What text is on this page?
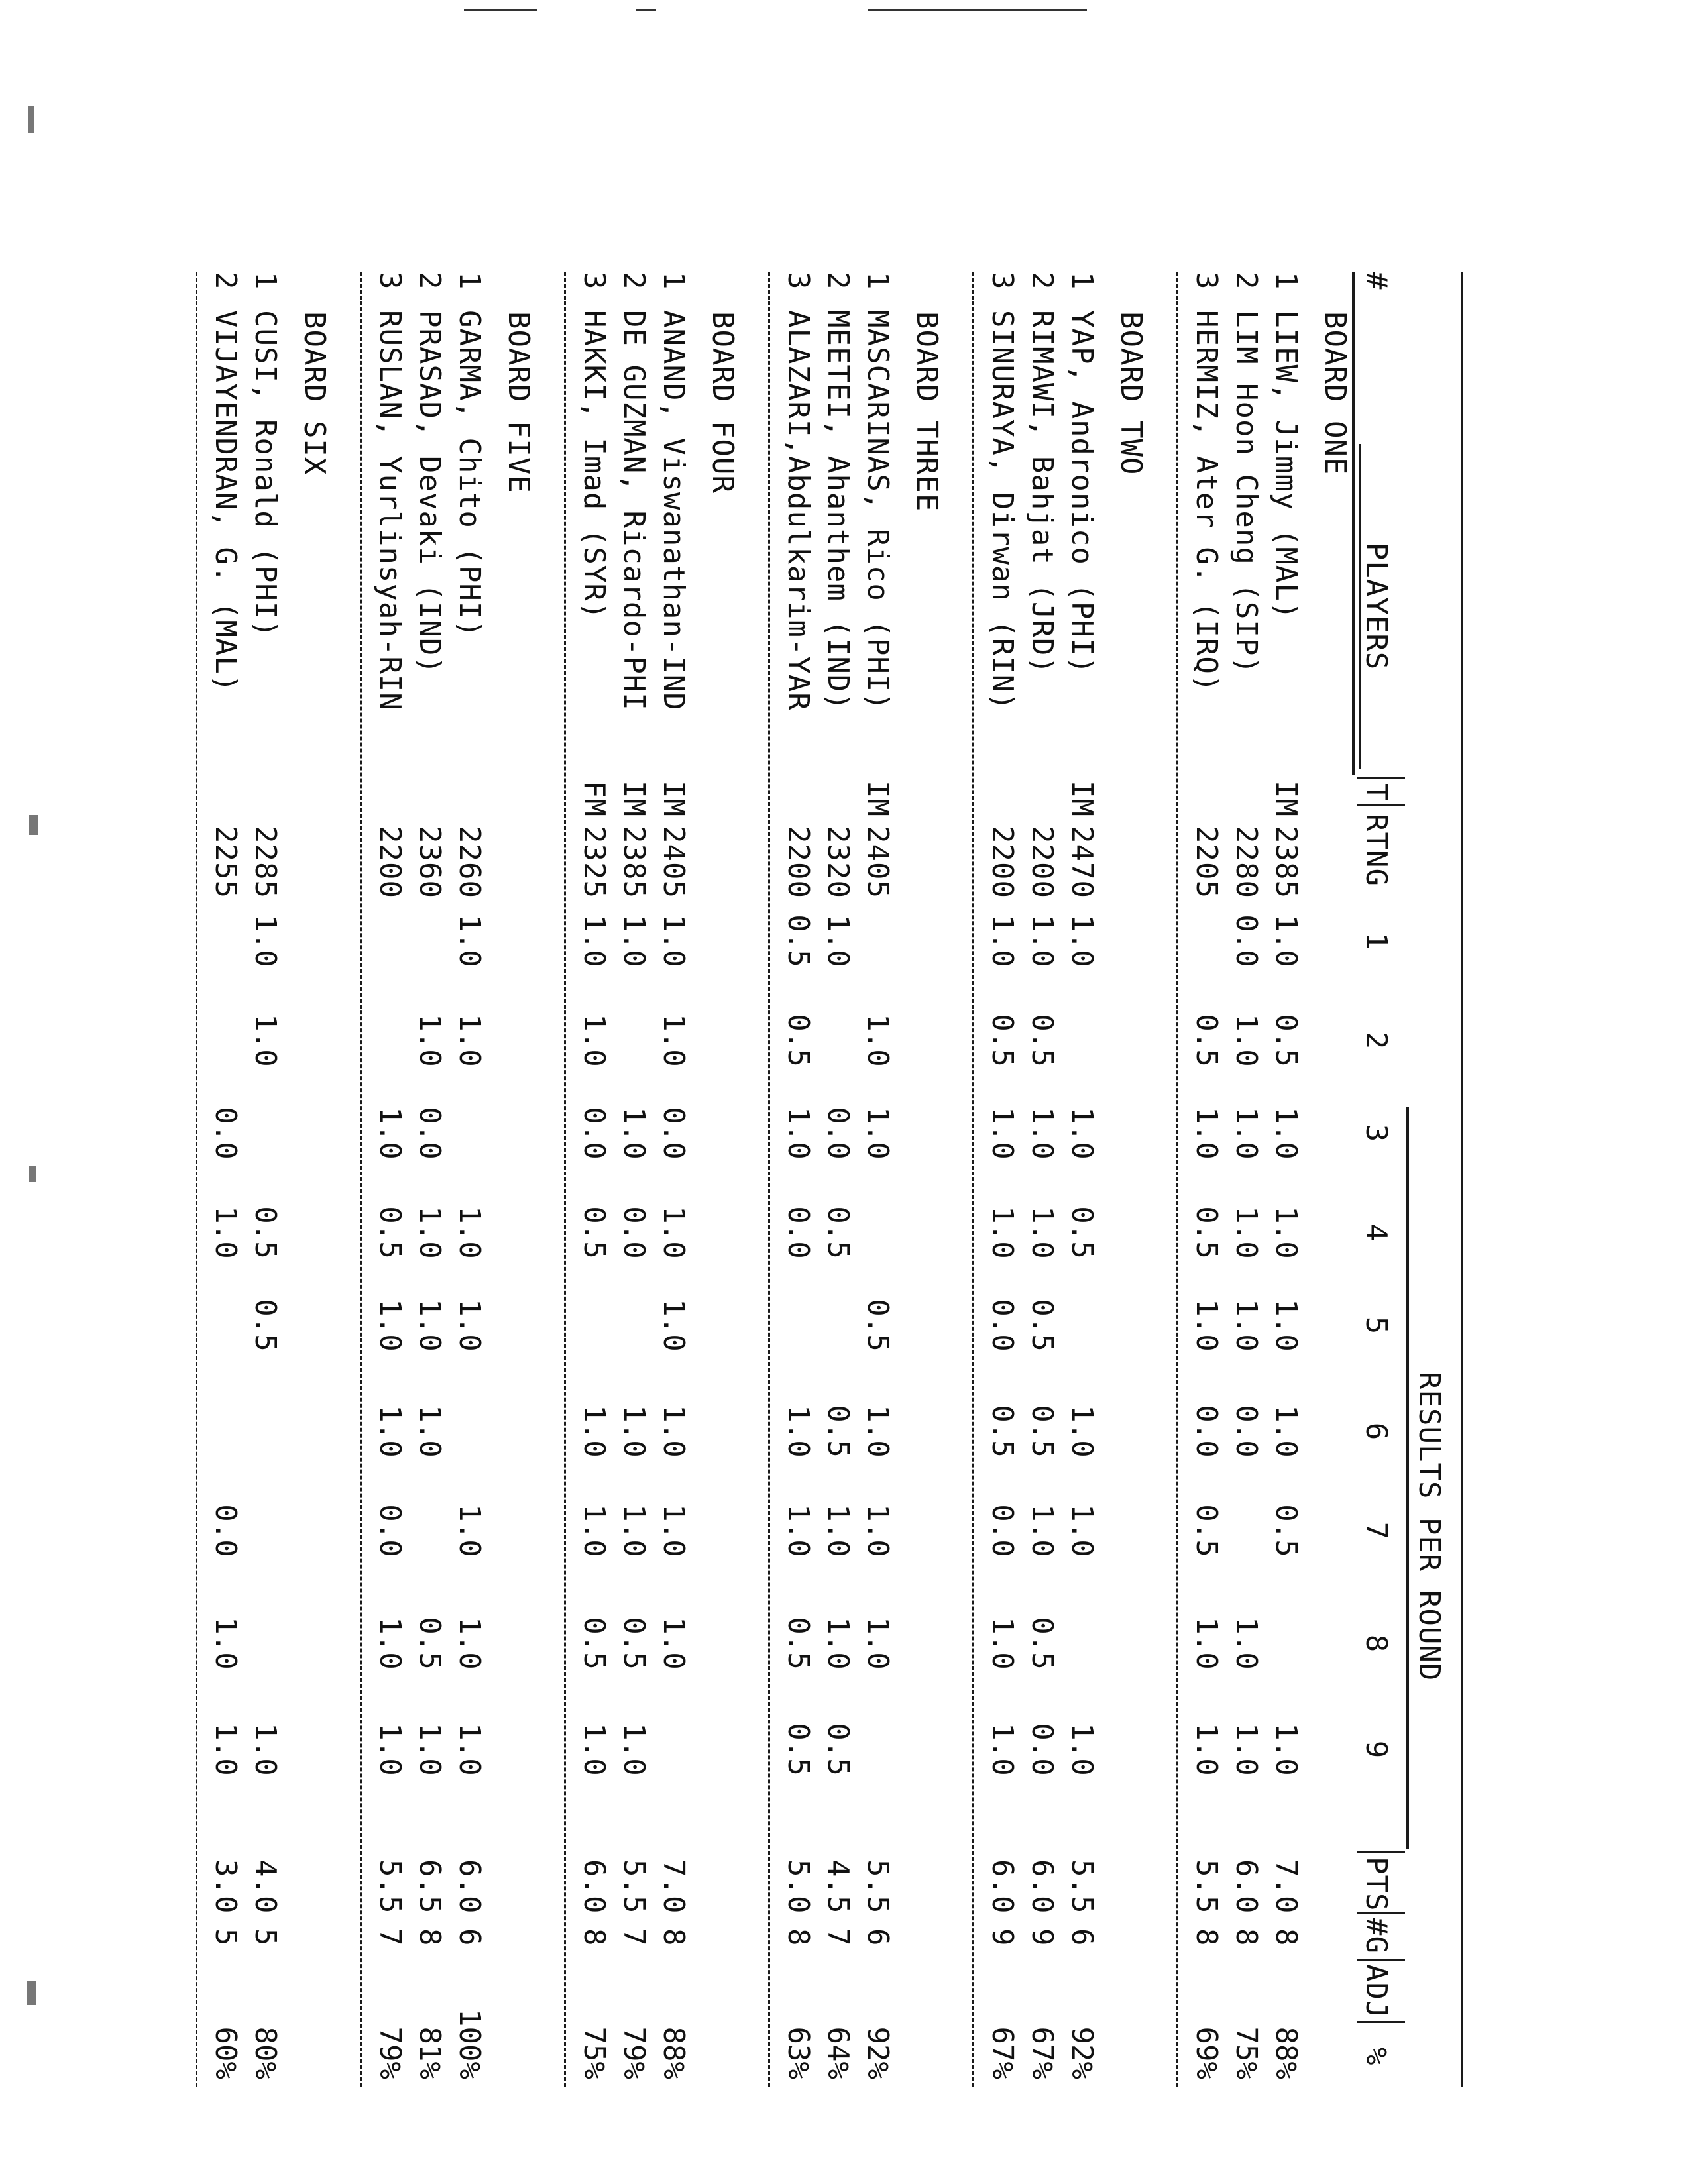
#
PLAYERS
T
RTNG
RESULTS PER ROUND
1
2
3
4
5
6
7
8
9
PTS
#G
ADJ
%
BOARD ONE
1
LIEW, Jimmy (MAL)
IM
2385
1.0
0.5
1.0
1.0
1.0
1.0
0.5
1.0
7.0
8
88%
2
LIM Hoon Cheng (SIP)
2280
0.0
1.0
1.0
1.0
1.0
0.0
1.0
1.0
6.0
8
75%
3
HERMIZ, Ater G. (IRQ)
2205
0.5
1.0
0.5
1.0
0.0
0.5
1.0
1.0
5.5
8
69%
BOARD TWO
1
YAP, Andronico (PHI)
IM
2470
1.0
1.0
0.5
1.0
1.0
1.0
5.5
6
92%
2
RIMAWI, Bahjat (JRD)
2200
1.0
0.5
1.0
1.0
0.5
0.5
1.0
0.5
0.0
6.0
9
67%
3
SINURAYA, Dirwan (RIN)
2200
1.0
0.5
1.0
1.0
0.0
0.5
0.0
1.0
1.0
6.0
9
67%
BOARD THREE
1
MASCARINAS, Rico (PHI)
IM
2405
1.0
1.0
0.5
1.0
1.0
1.0
5.5
6
92%
2
MEETEI, Ahanthem (IND)
2320
1.0
0.0
0.5
0.5
1.0
1.0
0.5
4.5
7
64%
3
ALAZARI,Abdulkarim-YAR
2200
0.5
0.5
1.0
0.0
1.0
1.0
0.5
0.5
5.0
8
63%
BOARD FOUR
1
ANAND, Viswanathan-IND
IM
2405
1.0
1.0
0.0
1.0
1.0
1.0
1.0
1.0
7.0
8
88%
2
DE GUZMAN, Ricardo-PHI
IM
2385
1.0
1.0
0.0
1.0
1.0
0.5
1.0
5.5
7
79%
3
HAKKI, Imad (SYR)
FM
2325
1.0
1.0
0.0
0.5
1.0
1.0
0.5
1.0
6.0
8
75%
BOARD FIVE
1
GARMA, Chito (PHI)
2260
1.0
1.0
1.0
1.0
1.0
1.0
1.0
6.0
6
100%
2
PRASAD, Devaki (IND)
2360
1.0
0.0
1.0
1.0
1.0
0.5
1.0
6.5
8
81%
3
RUSLAN, Yurlinsyah-RIN
2200
1.0
0.5
1.0
1.0
0.0
1.0
1.0
5.5
7
79%
BOARD SIX
1
CUSI, Ronald (PHI)
2285
1.0
1.0
0.5
0.5
1.0
4.0
5
80%
2
VIJAYENDRAN, G. (MAL)
2255
0.0
1.0
0.0
1.0
1.0
3.0
5
60%
